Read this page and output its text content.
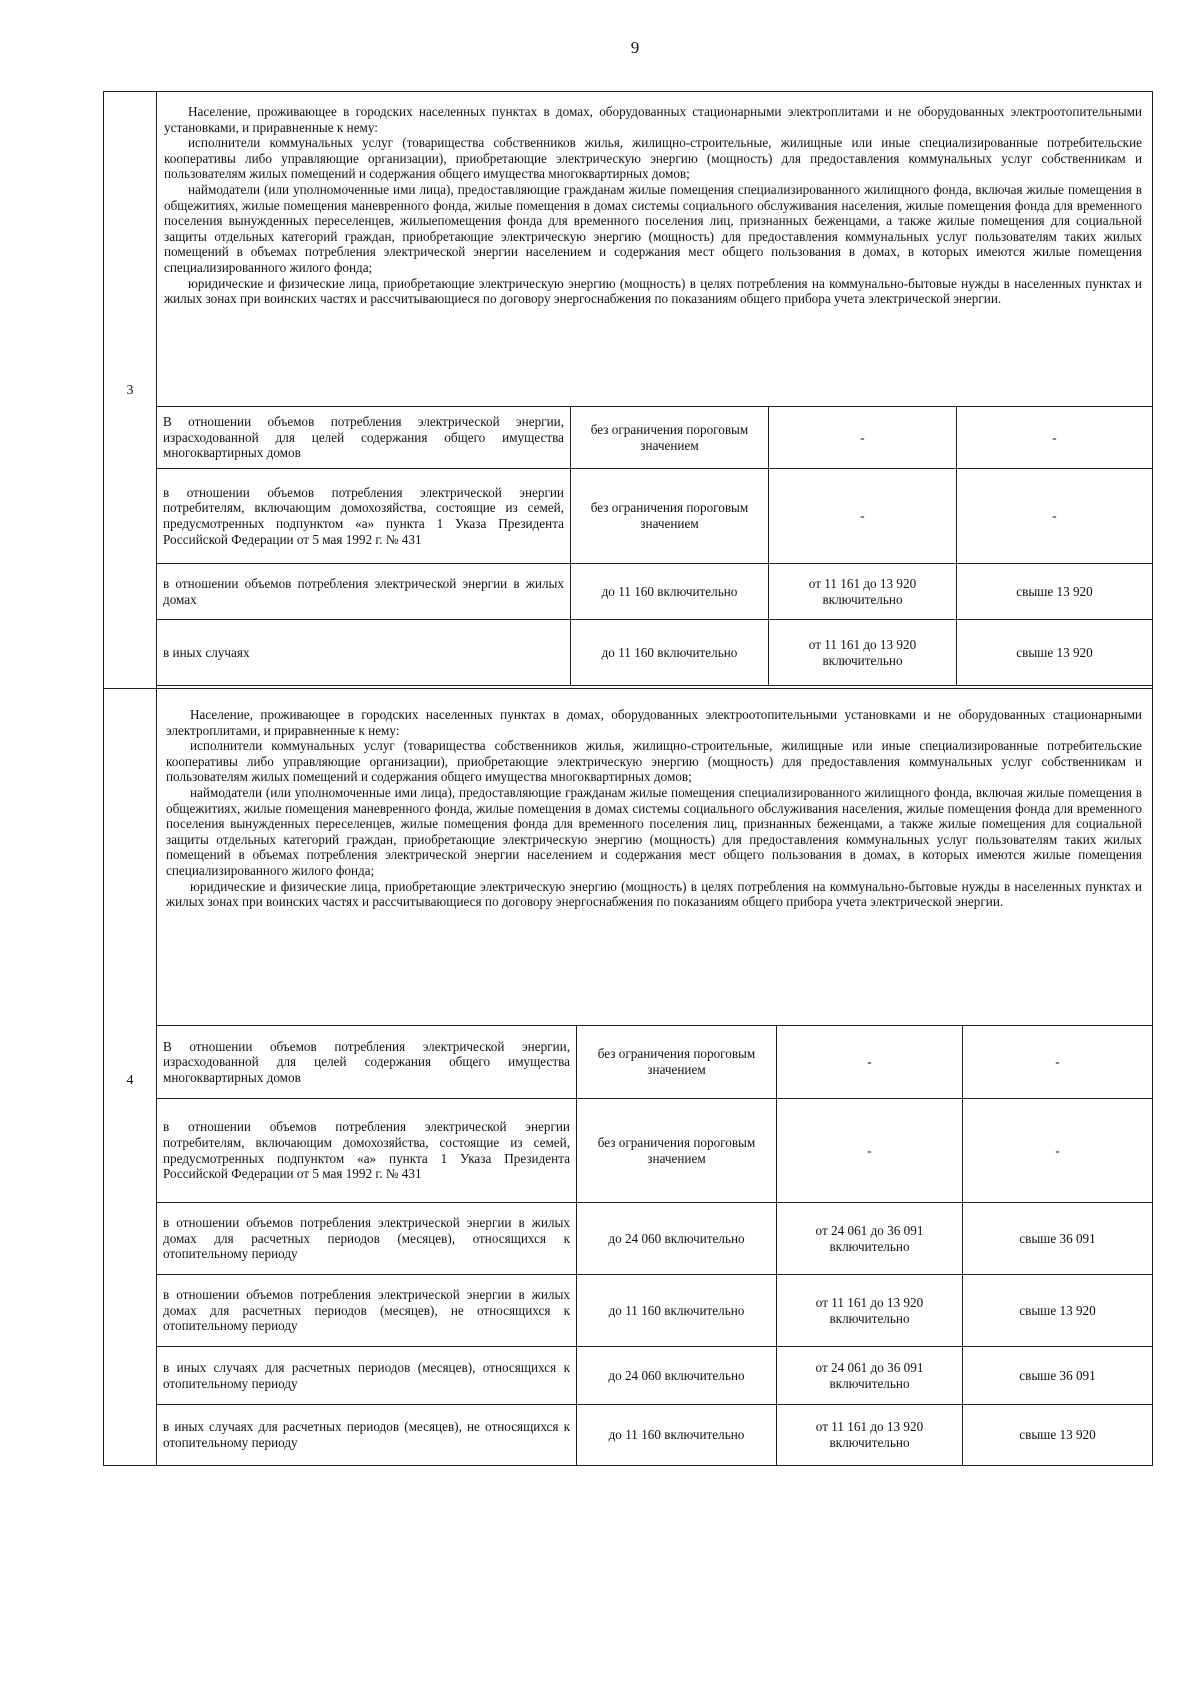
9
3

Население, проживающее в городских населенных пунктах в домах, оборудованных стационарными электроплитами и не оборудованных электроотопительными установками, и приравненные к нему:

исполнители коммунальных услуг (товарищества собственников жилья, жилищно-строительные, жилищные или иные специализированные потребительские кооперативы либо управляющие организации), приобретающие электрическую энергию (мощность) для предоставления коммунальных услуг собственникам и пользователям жилых помещений и содержания общего имущества многоквартирных домов;

наймодатели (или уполномоченные ими лица), предоставляющие гражданам жилые помещения специализированного жилищного фонда, включая жилые помещения в общежитиях, жилые помещения маневренного фонда, жилые помещения в домах системы социального обслуживания населения, жилые помещения фонда для временного поселения вынужденных переселенцев, жилыепомещения фонда для временного поселения лиц, признанных беженцами, а также жилые помещения для социальной защиты отдельных категорий граждан, приобретающие электрическую энергию (мощность) для предоставления коммунальных услуг пользователям таких жилых помещений в объемах потребления электрической энергии населением и содержания мест общего пользования в домах, в которых имеются жилые помещения специализированного жилого фонда;

юридические и физические лица, приобретающие электрическую энергию (мощность) в целях потребления на коммунально-бытовые нужды в населенных пунктах и жилых зонах при воинских частях и рассчитывающиеся по договору энергоснабжения по показаниям общего прибора учета электрической энергии.

В отношении объемов потребления электрической энергии, израсходованной для целей содержания общего имущества многоквартирных домов	без ограничения пороговым значением	-	-
в отношении объемов потребления электрической энергии потребителям, включающим домохозяйства, состоящие из семей, предусмотренных подпунктом «а» пункта 1 Указа Президента Российской Федерации от 5 мая 1992 г. № 431	без ограничения пороговым значением	-	-
в отношении объемов потребления электрической энергии в жилых домах	до 11 160 включительно	от 11 161 до 13 920 включительно	свыше 13 920
в иных случаях	до 11 160 включительно	от 11 161 до 13 920 включительно	свыше 13 920
4

Население, проживающее в городских населенных пунктах в домах, оборудованных электроотопительными установками и не оборудованных стационарными электроплитами, и приравненные к нему:

исполнители коммунальных услуг (товарищества собственников жилья, жилищно-строительные, жилищные или иные специализированные потребительские кооперативы либо управляющие организации), приобретающие электрическую энергию (мощность) для предоставления коммунальных услуг собственникам и пользователям жилых помещений и содержания общего имущества многоквартирных домов;

наймодатели (или уполномоченные ими лица), предоставляющие гражданам жилые помещения специализированного жилищного фонда, включая жилые помещения в общежитиях, жилые помещения маневренного фонда, жилые помещения в домах системы социального обслуживания населения, жилые помещения фонда для временного поселения вынужденных переселенцев, жилые помещения фонда для временного поселения лиц, признанных беженцами, а также жилые помещения для социальной защиты отдельных категорий граждан, приобретающие электрическую энергию (мощность) для предоставления коммунальных услуг пользователям таких жилых помещений в объемах потребления электрической энергии населением и содержания мест общего пользования в домах, в которых имеются жилые помещения специализированного жилого фонда;

юридические и физические лица, приобретающие электрическую энергию (мощность) в целях потребления на коммунально-бытовые нужды в населенных пунктах и жилых зонах при воинских частях и рассчитывающиеся по договору энергоснабжения по показаниям общего прибора учета электрической энергии.

В отношении объемов потребления электрической энергии, израсходованной для целей содержания общего имущества многоквартирных домов	без ограничения пороговым значением	-	-
в отношении объемов потребления электрической энергии потребителям, включающим домохозяйства, состоящие из семей, предусмотренных подпунктом «а» пункта 1 Указа Президента Российской Федерации от 5 мая 1992 г. № 431	без ограничения пороговым значением	-	-
в отношении объемов потребления электрической энергии в жилых домах для расчетных периодов (месяцев), относящихся к отопительному периоду	до 24 060 включительно	от 24 061 до 36 091 включительно	свыше 36 091
в отношении объемов потребления электрической энергии в жилых домах для расчетных периодов (месяцев), не относящихся к отопительному периоду	до 11 160 включительно	от 11 161 до 13 920 включительно	свыше 13 920
в иных случаях для расчетных периодов (месяцев), относящихся к отопительному периоду	до 24 060 включительно	от 24 061 до 36 091 включительно	свыше 36 091
в иных случаях для расчетных периодов (месяцев), не относящихся к отопительному периоду	до 11 160 включительно	от 11 161 до 13 920 включительно	свыше 13 920
